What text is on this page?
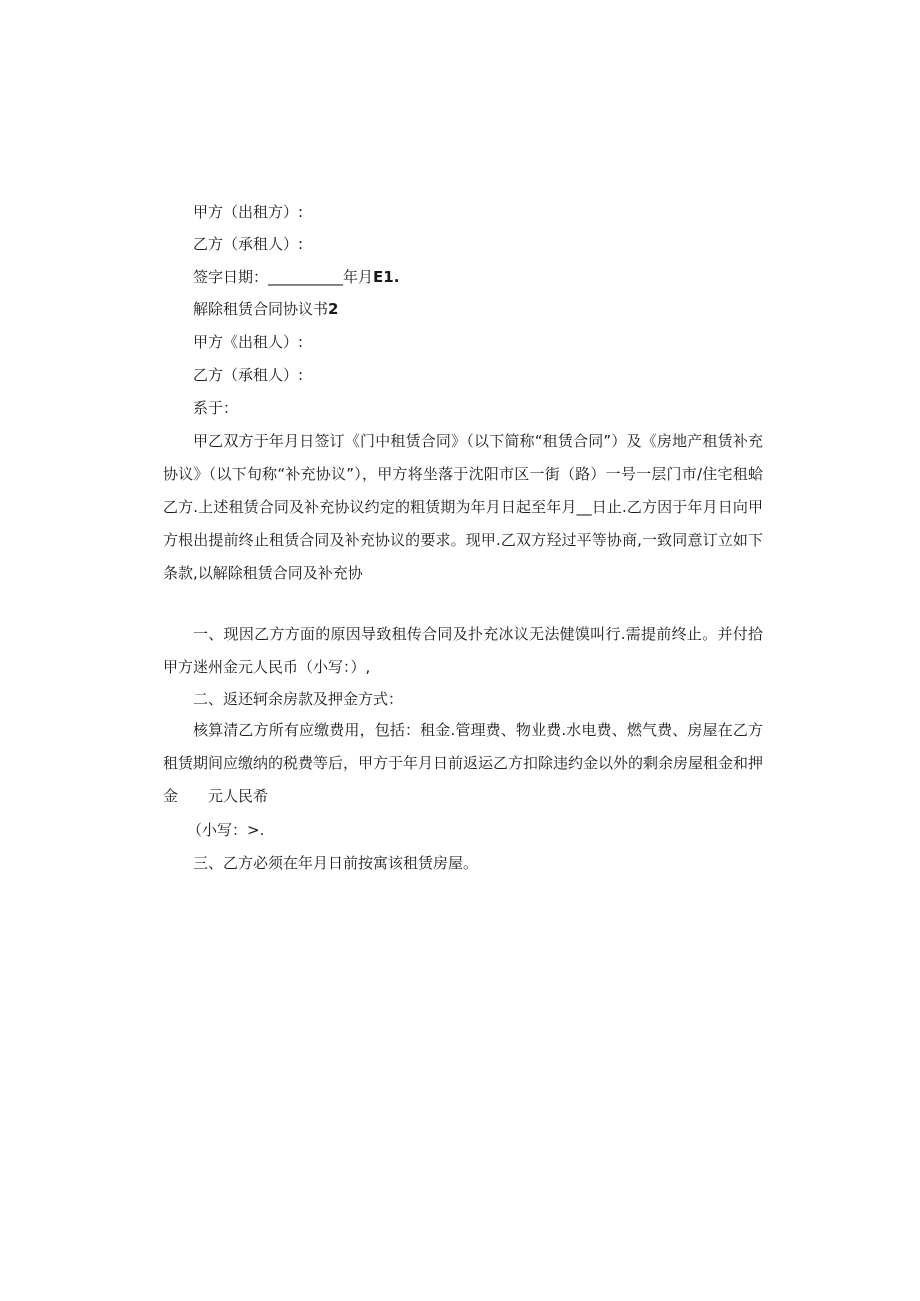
甲方（出租方）:
乙方（承租人）:
签字日期：__________年月E1.
解除租赁合同协议书2
甲方《出租人）:
乙方（承租人）:
系于：
甲乙双方于年月日签订《门中租赁合同》（以下简称“租赁合同”）及《房地产租赁补充协议》（以下旬称“补充协议”），甲方将坐落于沈阳市区一街（路）一号一层门市/住宅租蛤乙方.上述租赁合同及补充协议约定的粗赁期为年月日起至年月__日止.乙方因于年月日向甲方根出提前终止租赁合同及补充协议的要求。现甲.乙双方羟过平等协商,一致同意订立如下条款,以解除租赁合同及补充协
一、现因乙方方面的原因导致租传合同及扑充冰议无法健馍叫行.需提前终止。并付拾甲方迷州金元人民币（小写：）,
二、返还轲余房款及押金方式：
核算清乙方所有应缴费用，包括：租金.管理费、物业费.水电费、燃气费、房屋在乙方租赁期间应缴纳的税费等后，甲方于年月日前返运乙方扣除违约金以外的剩余房屋租金和押金　　元人民希
（小写：>.
三、乙方必须在年月日前按寓该租赁房屋。
